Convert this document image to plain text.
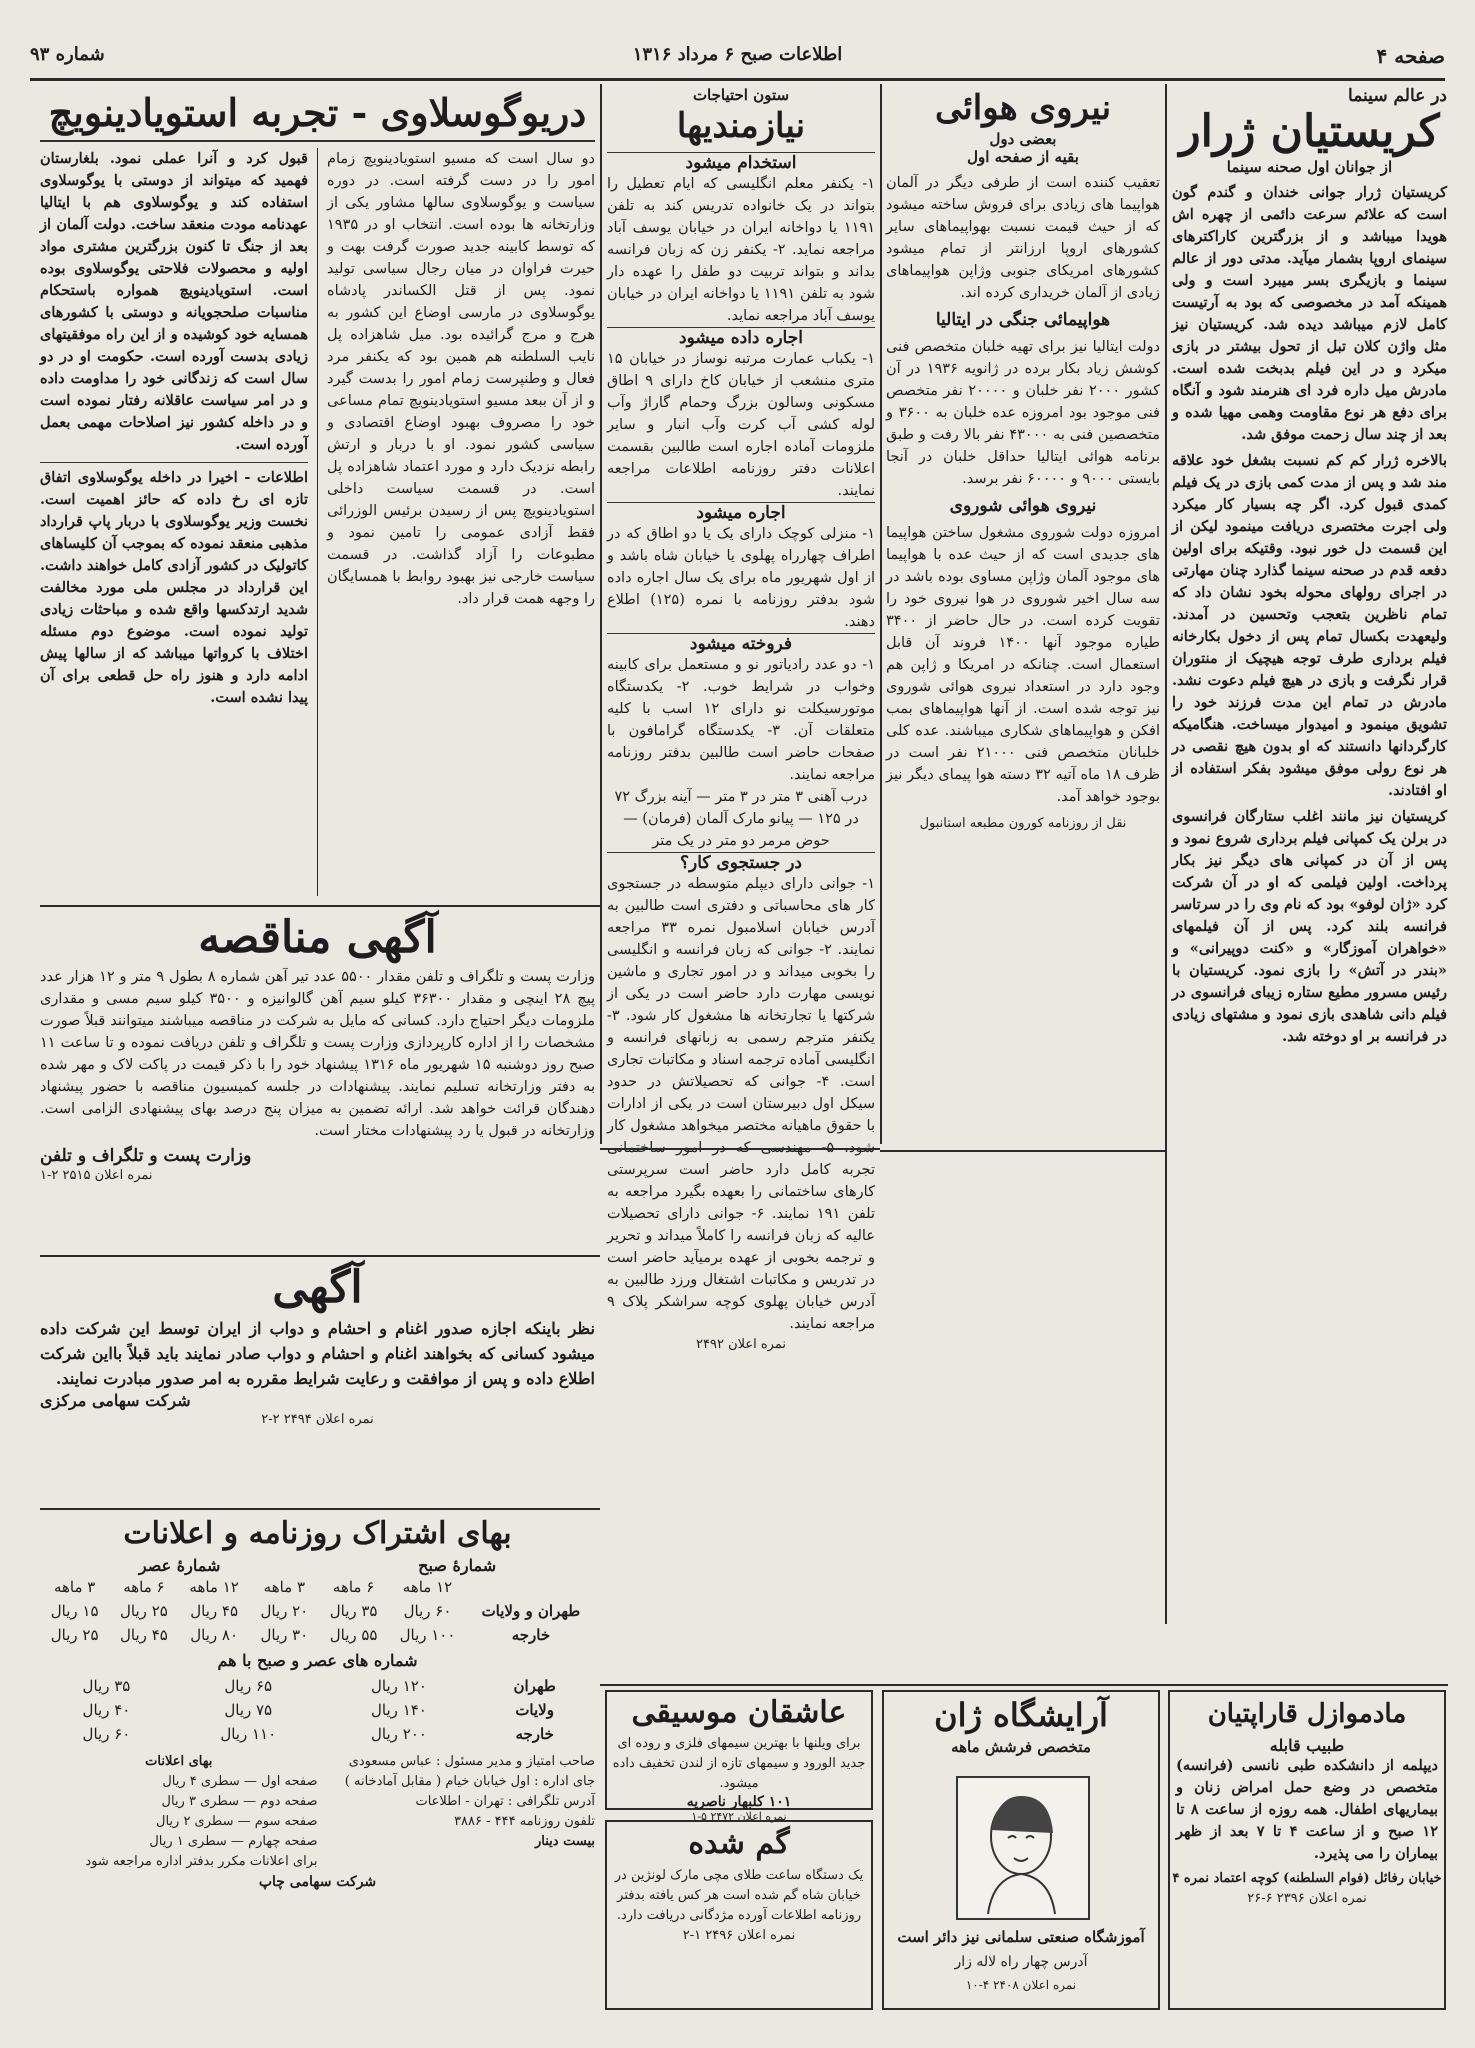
صفحه ۴
اطلاعات صبح ۶ مرداد ۱۳۱۶
شماره ۹۳
در عالم سینما
کریستیان ژرار
از جوانان اول صحنه سینما
کریستیان ژرار جوانی خندان و گندم گون است که علائم سرعت دائمی از چهره اش هویدا میباشد و از بزرگترین کاراکترهای سینمای اروپا بشمار میآید. مدتی دور از عالم سینما و بازیگری بسر میبرد است و ولی همینکه آمد در مخصوصی که بود به آرتیست کامل لازم میباشد دیده شد. کریستیان نیز مثل واژن کلان تبل از تحول بیشتر در بازی میکرد و در این فیلم بدبخت شده است. مادرش میل داره فرد ای هنرمند شود و آنگاه برای دفع هر نوع مقاومت وهمی مهیا شده و بعد از چند سال زحمت موفق شد.
بالاخره ژرار کم کم نسبت بشغل خود علاقه مند شد و پس از مدت کمی بازی در یک فیلم کمدی قبول کرد. اگر چه بسیار کار میکرد ولی اجرت مختصری دریافت مینمود لیکن از این قسمت دل خور نبود. وقتیکه برای اولین دفعه قدم در صحنه سینما گذارد چنان مهارتی در اجرای رولهای محوله بخود نشان داد که تمام ناظرین بتعجب وتحسین در آمدند. ولیعهدت بکسال تمام پس از دخول بکارخانه فیلم برداری طرف توجه هیچیک از منتوران قرار نگرفت و بازی در هیچ فیلم دعوت نشد. مادرش در تمام این مدت فرزند خود را تشویق مینمود و امیدوار میساخت. هنگامیکه کارگردانها دانستند که او بدون هیچ نقصی در هر نوع رولی موفق میشود بفکر استفاده از او افتادند.
کریستیان نیز مانند اغلب ستارگان فرانسوی در برلن یک کمپانی فیلم برداری شروع نمود و پس از آن در کمپانی های دیگر نیز بکار پرداخت. اولین فیلمی که او در آن شرکت کرد «ژان لوفو» بود که نام وی را در سرتاسر فرانسه بلند کرد. پس از آن فیلمهای «خواهران آموزگار» و «کنت دوپیرانی» و «بندر در آتش» را بازی نمود. کریستیان با رئیس مسرور مطیع ستاره زیبای فرانسوی در فیلم دانی شاهدی بازی نمود و مشتهای زیادی در فرانسه بر او دوخته شد.
نیروی هوائی
بعضی دول
بقیه از صفحه اول
تعقیب کننده است از طرفی دیگر در آلمان هواپیما های زیادی برای فروش ساخته میشود که از حیث قیمت نسبت بهواپیماهای سایر کشورهای اروپا ارزانتر از تمام میشود کشورهای امریکای جنوبی وژاپن هواپیماهای زیادی از آلمان خریداری کرده اند.
هواپیمائی جنگی در ایتالیا
دولت ایتالیا نیز برای تهیه خلبان متخصص فنی کوشش زیاد بکار برده در ژانویه ۱۹۳۶ در آن کشور ۲۰۰۰ نفر خلبان و ۲۰۰۰۰ نفر متخصص فنی موجود بود امروزه عده خلبان به ۳۶۰۰ و متخصصین فنی به ۴۳۰۰۰ نفر بالا رفت و طبق برنامه هوائی ایتالیا حداقل خلبان در آنجا بایستی ۹۰۰۰ و ۶۰۰۰۰ نفر برسد.
نیروی هوائی شوروی
امروزه دولت شوروی مشغول ساختن هواپیما های جدیدی است که از حیث عده با هواپیما های موجود آلمان وژاپن مساوی بوده باشد در سه سال اخیر شوروی در هوا نیروی خود را تقویت کرده است. در حال حاضر از ۳۴۰۰ طیاره موجود آنها ۱۴۰۰ فروند آن قابل استعمال است. چنانکه در امریکا و ژاپن هم وجود دارد در استعداد نیروی هوائی شوروی نیز توجه شده است. از آنها هواپیماهای بمب افکن و هواپیماهای شکاری میباشند. عده کلی خلبانان متخصص فنی ۲۱۰۰۰ نفر است در ظرف ۱۸ ماه آتیه ۳۲ دسته هوا پیمای دیگر نیز بوجود خواهد آمد.
نقل از روزنامه کورون مطبعه استانبول
ستون احتیاجات
نیازمندیها
استخدام میشود
۱- یکنفر معلم انگلیسی که ایام تعطیل را بتواند در یک خانواده تدریس کند به تلفن ۱۱۹۱ یا دواخانه ایران در خیابان یوسف آباد مراجعه نماید. ۲- یکنفر زن که زبان فرانسه بداند و بتواند تربیت دو طفل را عهده دار شود به تلفن ۱۱۹۱ یا دواخانه ایران در خیابان یوسف آباد مراجعه نماید.
اجاره داده میشود
۱- یکباب عمارت مرتبه نوساز در خیابان ۱۵ متری منشعب از خیابان کاخ دارای ۹ اطاق مسکونی وسالون بزرگ وحمام گاراژ وآب لوله کشی آب کرت وآب انبار و سایر ملزومات آماده اجاره است طالبین بقسمت اعلانات دفتر روزنامه اطلاعات مراجعه نمایند.
اجاره میشود
۱- منزلی کوچک دارای یک یا دو اطاق که در اطراف چهارراه پهلوی یا خیابان شاه باشد و از اول شهریور ماه برای یک سال اجاره داده شود بدفتر روزنامه با نمره (۱۲۵) اطلاع دهند.
فروخته میشود
۱- دو عدد رادیاتور نو و مستعمل برای کابینه وخواب در شرایط خوب. ۲- یکدستگاه موتورسیکلت نو دارای ۱۲ اسب با کلیه متعلقات آن. ۳- یکدستگاه گرامافون با صفحات حاضر است طالبین بدفتر روزنامه مراجعه نمایند.
درب آهنی ۳ متر در ۳ متر — آینه بزرگ ۷۲ در ۱۲۵ — پیانو مارک آلمان (فرمان) — حوض مرمر دو متر در یک متر
در جستجوی کار؟
۱- جوانی دارای دیپلم متوسطه در جستجوی کار های محاسباتی و دفتری است طالبین به آدرس خیابان اسلامبول نمره ۳۳ مراجعه نمایند. ۲- جوانی که زبان فرانسه و انگلیسی را بخوبی میداند و در امور تجاری و ماشین نویسی مهارت دارد حاضر است در یکی از شرکتها یا تجارتخانه ها مشغول کار شود. ۳- یکنفر مترجم رسمی به زبانهای فرانسه و انگلیسی آماده ترجمه اسناد و مکاتبات تجاری است. ۴- جوانی که تحصیلاتش در حدود سیکل اول دبیرستان است در یکی از ادارات با حقوق ماهیانه مختصر میخواهد مشغول کار شود. ۵- مهندسی که در امور ساختمانی تجربه کامل دارد حاضر است سرپرستی کارهای ساختمانی را بعهده بگیرد مراجعه به تلفن ۱۹۱ نمایند. ۶- جوانی دارای تحصیلات عالیه که زبان فرانسه را کاملاً میداند و تحریر و ترجمه بخوبی از عهده برمیآید حاضر است در تدریس و مکاتبات اشتغال ورزد طالبین به آدرس خیابان پهلوی کوچه سراشکر پلاک ۹ مراجعه نمایند.
نمره اعلان ۲۴۹۲
دریوگوسلاوی - تجربه استویادینویچ
دو سال است که مسیو استویادینویچ زمام امور را در دست گرفته است. در دوره سیاست و یوگوسلاوی سالها مشاور یکی از وزارتخانه ها بوده است. انتخاب او در ۱۹۳۵ که توسط کابینه جدید صورت گرفت بهت و حیرت فراوان در میان رجال سیاسی تولید نمود. پس از قتل الکساندر پادشاه یوگوسلاوی در مارسی اوضاع این کشور به هرج و مرج گرائیده بود. میل شاهزاده پل نایب السلطنه هم همین بود که یکنفر مرد فعال و وطنپرست زمام امور را بدست گیرد و از آن ببعد مسیو استویادینویچ تمام مساعی خود را مصروف بهبود اوضاع اقتصادی و سیاسی کشور نمود. او با دربار و ارتش رابطه نزدیک دارد و مورد اعتماد شاهزاده پل است. در قسمت سیاست داخلی استویادینویچ پس از رسیدن برئیس الوزرائی فقط آزادی عمومی را تامین نمود و مطبوعات را آزاد گذاشت. در قسمت سیاست خارجی نیز بهبود روابط با همسایگان را وجهه همت قرار داد.
قبول کرد و آنرا عملی نمود. بلغارستان فهمید که میتواند از دوستی با یوگوسلاوی استفاده کند و یوگوسلاوی هم با ایتالیا عهدنامه مودت منعقد ساخت. دولت آلمان از بعد از جنگ تا کنون بزرگترین مشتری مواد اولیه و محصولات فلاحتی یوگوسلاوی بوده است. استویادینویچ همواره باستحکام مناسبات صلحجویانه و دوستی با کشورهای همسایه خود کوشیده و از این راه موفقیتهای زیادی بدست آورده است. حکومت او در دو سال است که زندگانی خود را مداومت داده و در امر سیاست عاقلانه رفتار نموده است و در داخله کشور نیز اصلاحات مهمی بعمل آورده است.
اطلاعات - اخیرا در داخله یوگوسلاوی اتفاق تازه ای رخ داده که حائز اهمیت است. نخست وزیر یوگوسلاوی با دربار پاپ قرارداد مذهبی منعقد نموده که بموجب آن کلیساهای کاتولیک در کشور آزادی کامل خواهند داشت. این قرارداد در مجلس ملی مورد مخالفت شدید ارتدکسها واقع شده و مباحثات زیادی تولید نموده است. موضوع دوم مسئله اختلاف با کرواتها میباشد که از سالها پیش ادامه دارد و هنوز راه حل قطعی برای آن پیدا نشده است.
آگهی مناقصه
وزارت پست و تلگراف و تلفن مقدار ۵۵۰۰ عدد تیر آهن شماره ۸ بطول ۹ متر و ۱۲ هزار عدد پیچ ۲۸ اینچی و مقدار ۳۶۳۰۰ کیلو سیم آهن گالوانیزه و ۳۵۰۰ کیلو سیم مسی و مقداری ملزومات دیگر احتیاج دارد. کسانی که مایل به شرکت در مناقصه میباشند میتوانند قبلاً صورت مشخصات را از اداره کارپردازی وزارت پست و تلگراف و تلفن دریافت نموده و تا ساعت ۱۱ صبح روز دوشنبه ۱۵ شهریور ماه ۱۳۱۶ پیشنهاد خود را با ذکر قیمت در پاکت لاک و مهر شده به دفتر وزارتخانه تسلیم نمایند. پیشنهادات در جلسه کمیسیون مناقصه با حضور پیشنهاد دهندگان قرائت خواهد شد. ارائه تضمین به میزان پنج درصد بهای پیشنهادی الزامی است. وزارتخانه در قبول یا رد پیشنهادات مختار است.
وزارت پست و تلگراف و تلفن
نمره اعلان ۲۵۱۵ ۲-۱
آگهی
نظر باینکه اجازه صدور اغنام و احشام و دواب از ایران توسط این شرکت داده میشود کسانی که بخواهند اغنام و احشام و دواب صادر نمایند باید قبلاً بااین شرکت اطلاع داده و پس از موافقت و رعایت شرایط مقرره به امر صدور مبادرت نمایند.
شرکت سهامی مرکزی
نمره اعلان ۲۴۹۴ ۲-۲
بهای اشتراک روزنامه و اعلانات
شمارهٔ صبح
شمارهٔ عصر
	۱۲ ماهه	۶ ماهه	۳ ماهه	۱۲ ماهه	۶ ماهه	۳ ماهه
طهران و ولایات	۶۰ ریال	۳۵ ریال	۲۰ ریال	۴۵ ریال	۲۵ ریال	۱۵ ریال
خارجه	۱۰۰ ریال	۵۵ ریال	۳۰ ریال	۸۰ ریال	۴۵ ریال	۲۵ ریال
شماره های عصر و صبح با هم
طهران	۱۲۰ ریال	۶۵ ریال	۳۵ ریال
ولایات	۱۴۰ ریال	۷۵ ریال	۴۰ ریال
خارجه	۲۰۰ ریال	۱۱۰ ریال	۶۰ ریال
صاحب امتیاز و مدیر مسئول : عباس مسعودی
جای اداره : اول خیابان خیام ( مقابل آمادخانه )
آدرس تلگرافی : تهران - اطلاعات
تلفون روزنامه ۴۴۴ - ۳۸۸۶
بیست دینار
بهای اعلانات
صفحه اول — سطری ۴ ریال
صفحه دوم — سطری ۳ ریال
صفحه سوم — سطری ۲ ریال
صفحه چهارم — سطری ۱ ریال
برای اعلانات مکرر بدفتر اداره مراجعه شود
شرکت سهامی چاپ
عاشقان موسیقی
برای ویلنها با بهترین سیمهای فلزی و روده ای جدید الورود و سیمهای تازه از لندن تخفیف داده میشود.
۱۰۱ کلبهار ناصریه
نمره اعلان ۲۴۷۲ ۵-۱
گم شده
یک دستگاه ساعت طلای مچی مارک لونژین در خیابان شاه گم شده است هر کس یافته بدفتر روزنامه اطلاعات آورده مژدگانی دریافت دارد.
نمره اعلان ۲۴۹۶ ۱-۲
آرایشگاه ژان
متخصص فرشش ماهه
آموزشگاه صنعتی سلمانی نیز دائر است
آدرس چهار راه لاله زار
نمره اعلان ۲۴۰۸ ۴-۱۰
مادموازل قاراپتیان
طبیب قابله
دیپلمه از دانشکده طبی نانسی (فرانسه) متخصص در وضع حمل امراض زنان و بیماریهای اطفال. همه روزه از ساعت ۸ تا ۱۲ صبح و از ساعت ۴ تا ۷ بعد از ظهر بیماران را می پذیرد.
خیابان رفائل (فوام السلطنه) کوچه اعتماد نمره ۴
نمره اعلان ۲۳۹۶ ۶-۲۶
